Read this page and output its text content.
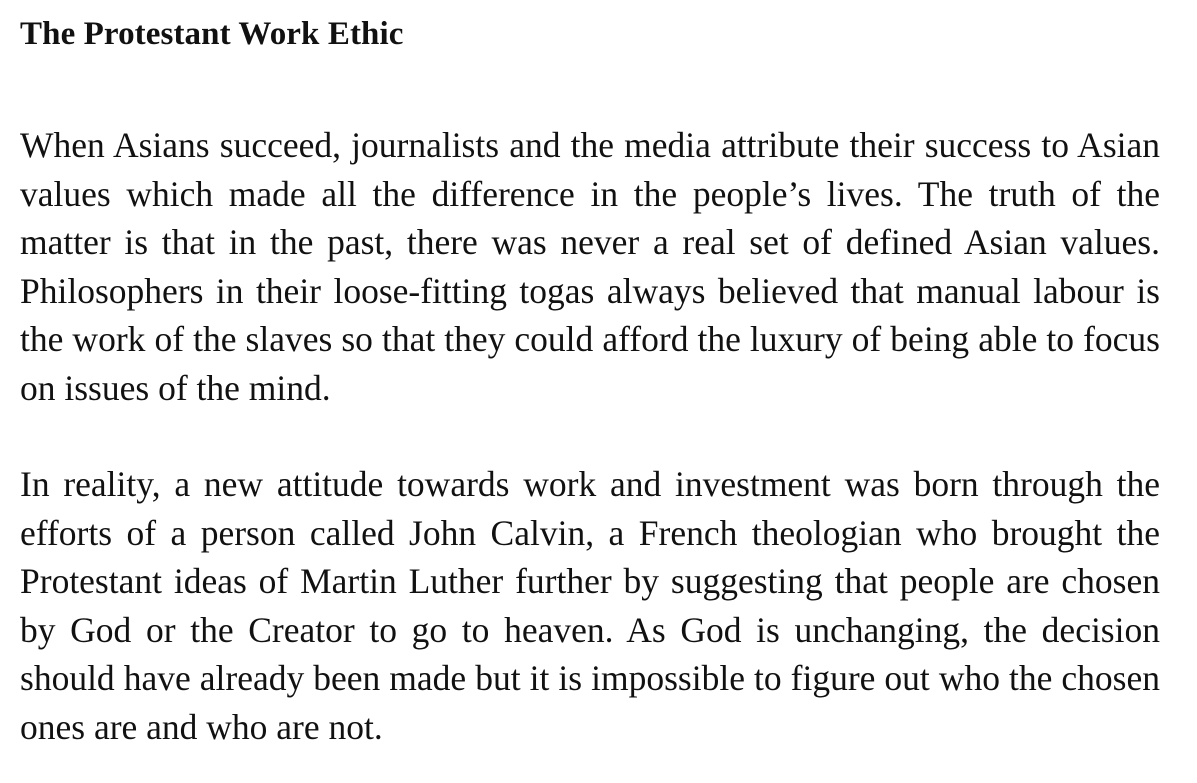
The Protestant Work Ethic

When Asians succeed, journalists and the media attribute their success to Asian values which made all the difference in the people’s lives. The truth of the matter is that in the past, there was never a real set of defined Asian values. Philosophers in their loose-fitting togas always believed that manual labour is the work of the slaves so that they could afford the luxury of being able to focus on issues of the mind.

In reality, a new attitude towards work and investment was born through the efforts of a person called John Calvin, a French theologian who brought the Protestant ideas of Martin Luther further by suggesting that people are chosen by God or the Creator to go to heaven. As God is unchanging, the decision should have already been made but it is impossible to figure out who the chosen ones are and who are not.
